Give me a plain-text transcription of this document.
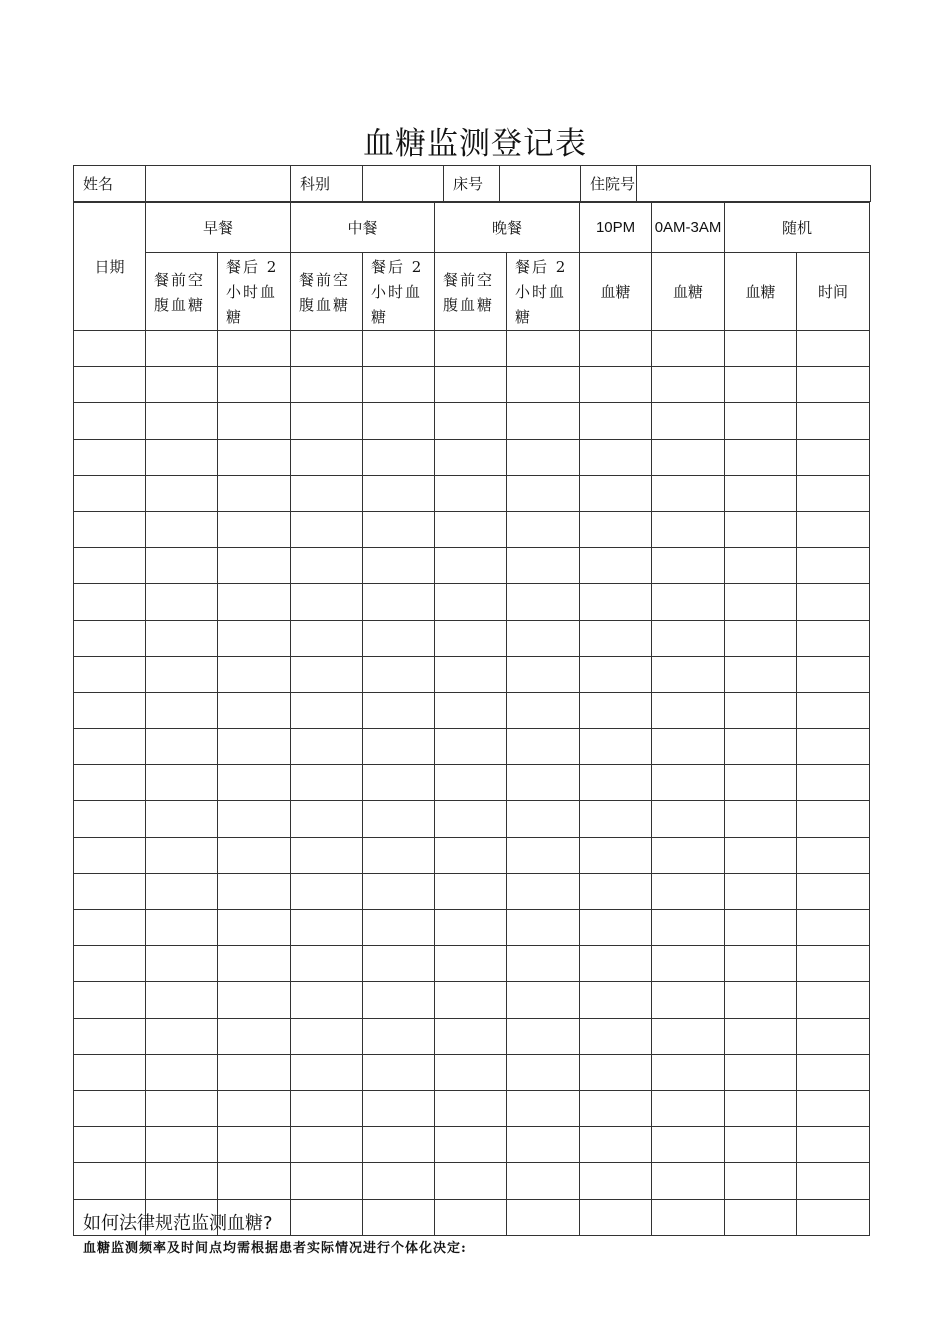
血糖监测登记表
姓名		科别		床号		住院号	
日期	早餐		中餐		晚餐		10PM	0AM-3AM	随机	
	餐前空腹血糖	餐后 2 小时血糖	餐前空腹血糖	餐后 2 小时血糖	餐前空腹血糖	餐后 2 小时血糖	血糖	血糖	血糖	时间

如何法律规范监测血糖?
血糖监测频率及时间点均需根据患者实际情况进行个体化决定:
